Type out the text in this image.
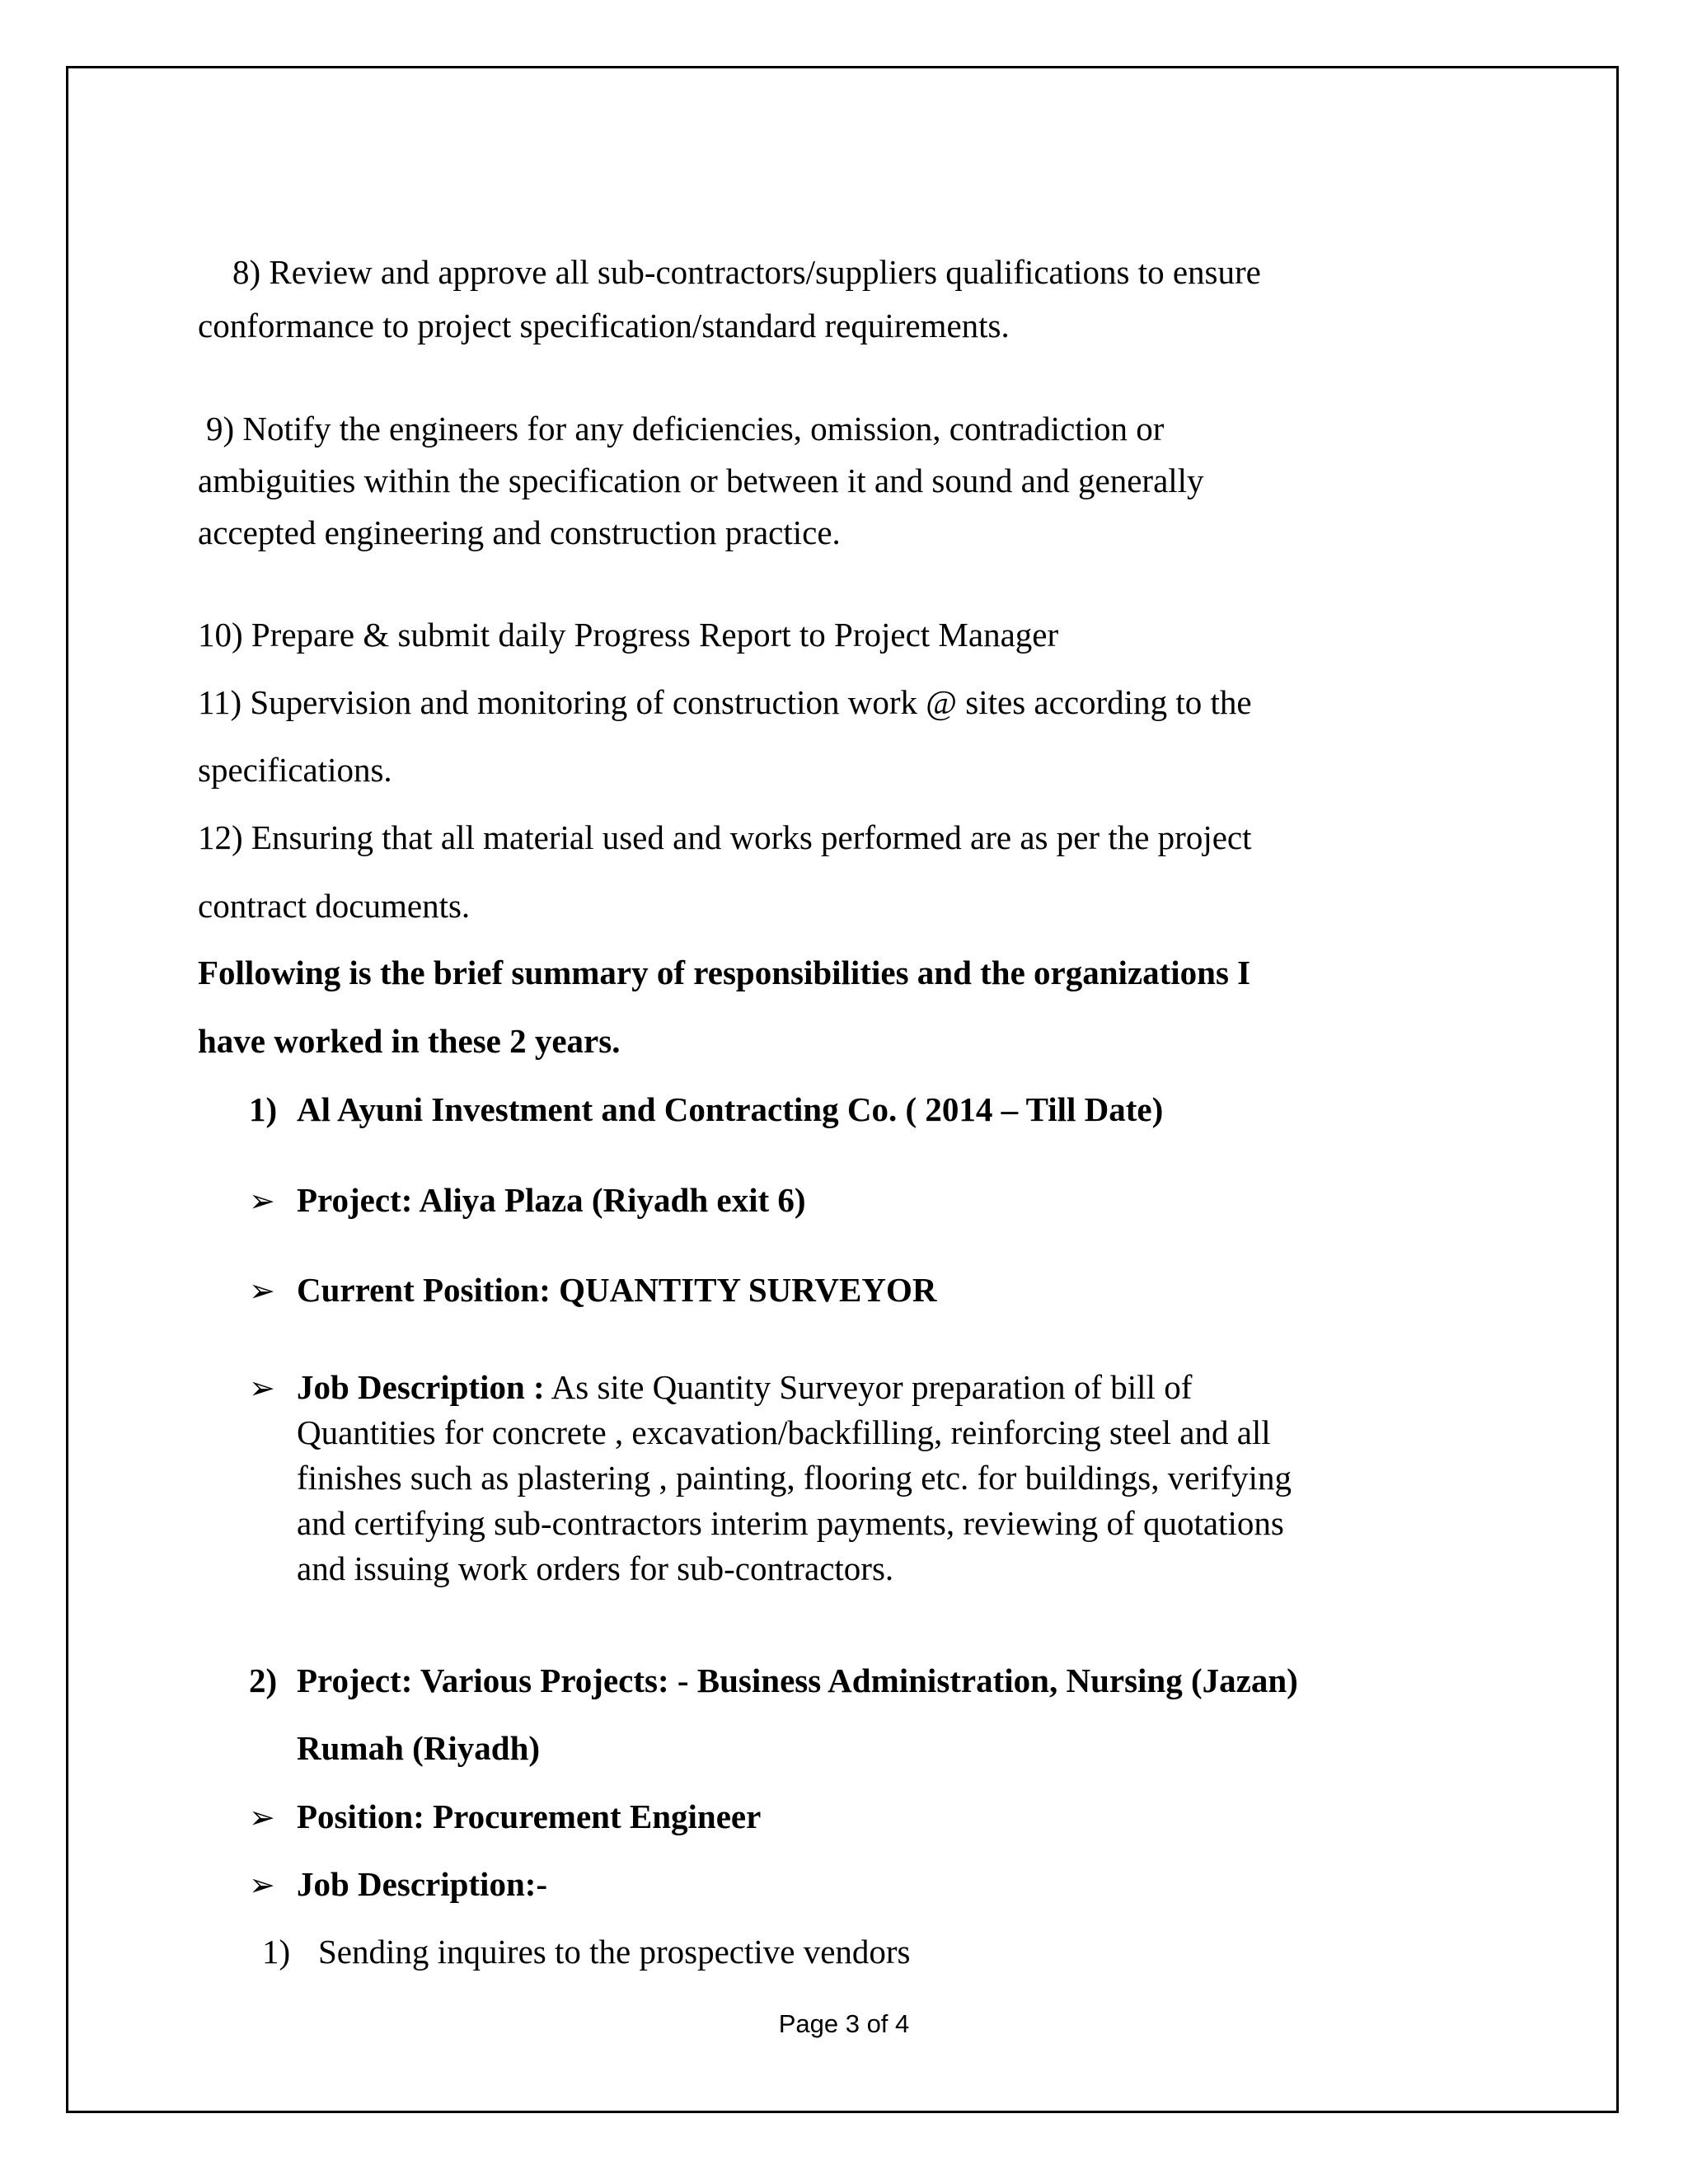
8) Review and approve all sub-contractors/suppliers qualifications to ensure
conformance to project specification/standard requirements.
9) Notify the engineers for any deficiencies, omission, contradiction or
ambiguities within the specification or between it and sound and generally
accepted engineering and construction practice.
10) Prepare & submit daily Progress Report to Project Manager
11) Supervision and monitoring of construction work @ sites according to the
specifications.
12) Ensuring that all material used and works performed are as per the project
contract documents.
Following is the brief summary of responsibilities and the organizations I
have worked in these 2 years.
1) Al Ayuni Investment and Contracting Co. ( 2014 – Till Date)
➢ Project: Aliya Plaza (Riyadh exit 6)
➢ Current Position: QUANTITY SURVEYOR
➢ Job Description : As site Quantity Surveyor preparation of bill of
Quantities for concrete , excavation/backfilling, reinforcing steel and all
finishes such as plastering , painting, flooring etc. for buildings, verifying
and certifying sub-contractors interim payments, reviewing of quotations
and issuing work orders for sub-contractors.
2) Project: Various Projects: - Business Administration, Nursing (Jazan)
Rumah (Riyadh)
➢ Position: Procurement Engineer
➢ Job Description:-
1) Sending inquires to the prospective vendors
Page 3 of 4
